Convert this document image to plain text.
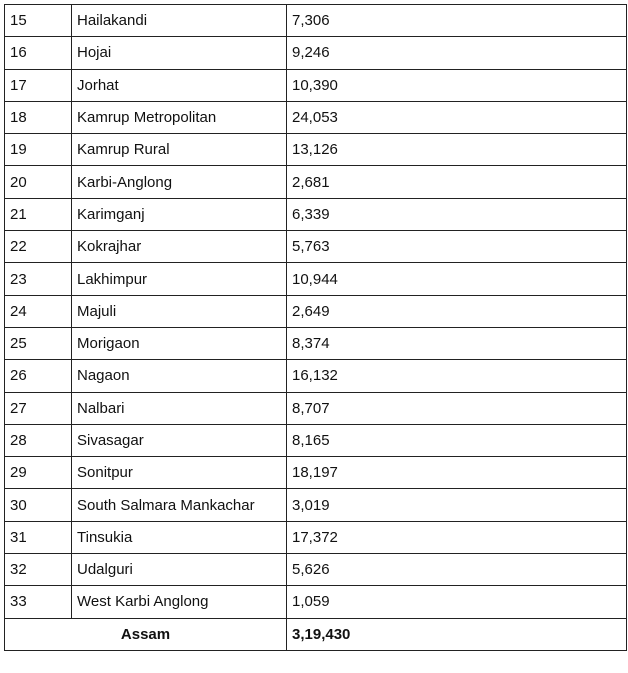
15	Hailakandi	7,306
16	Hojai	9,246
17	Jorhat	10,390
18	Kamrup Metropolitan	24,053
19	Kamrup Rural	13,126
20	Karbi-Anglong	2,681
21	Karimganj	6,339
22	Kokrajhar	5,763
23	Lakhimpur	10,944
24	Majuli	2,649
25	Morigaon	8,374
26	Nagaon	16,132
27	Nalbari	8,707
28	Sivasagar	8,165
29	Sonitpur	18,197
30	South Salmara Mankachar	3,019
31	Tinsukia	17,372
32	Udalguri	5,626
33	West Karbi Anglong	1,059
Assam		3,19,430
